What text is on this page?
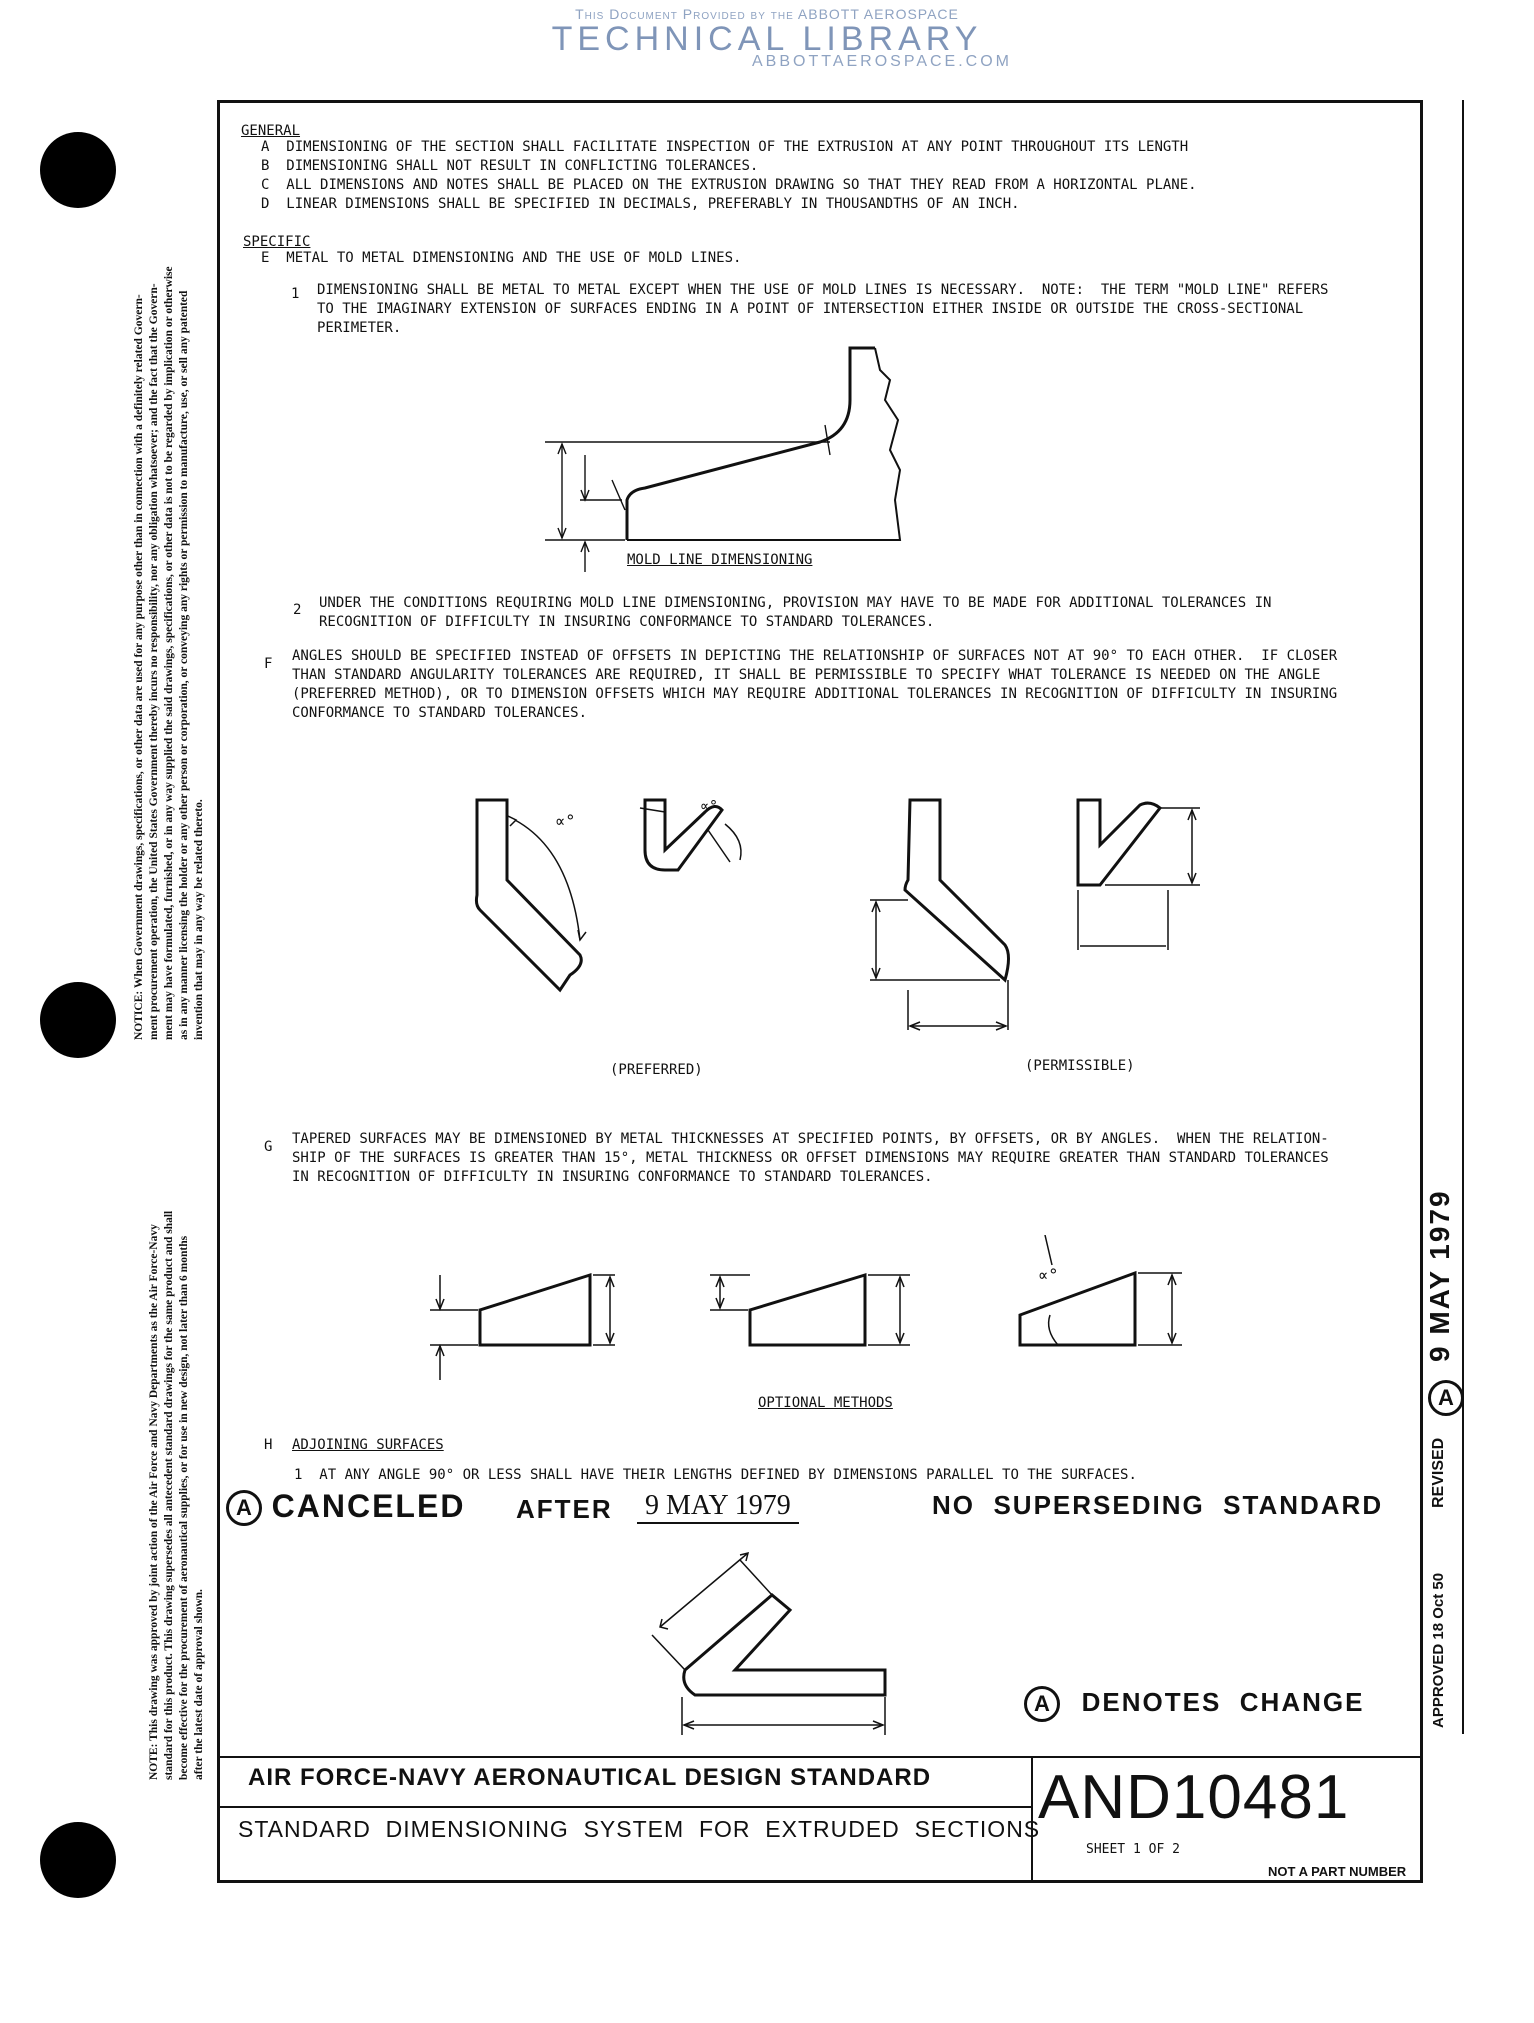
This Document Provided by the ABBOTT AEROSPACE
TECHNICAL LIBRARY
ABBOTTAEROSPACE.COM
NOTICE: When Government drawings, specifications, or other data are used for any purpose other than in connection with a definitely related Govern- ment procurement operation, the United States Government thereby incurs no responsibility, nor any obligation whatsoever; and the fact that the Govern- ment may have formulated, furnished, or in any way supplied the said drawings, specifications, or other data is not to be regarded by implication or otherwise as in any manner licensing the holder or any other person or corporation, or conveying any rights or permission to manufacture, use, or sell any patented invention that may in any way be related thereto.
NOTE: This drawing was approved by joint action of the Air Force and Navy Departments as the Air Force-Navy standard for this product. This drawing supersedes all antecedent standard drawings for the same product and shall become effective for the procurement of aeronautical supplies, or for use in new design, not later than 6 months after the latest date of approval shown.
GENERAL
A DIMENSIONING OF THE SECTION SHALL FACILITATE INSPECTION OF THE EXTRUSION AT ANY POINT THROUGHOUT ITS LENGTH
B DIMENSIONING SHALL NOT RESULT IN CONFLICTING TOLERANCES.
C ALL DIMENSIONS AND NOTES SHALL BE PLACED ON THE EXTRUSION DRAWING SO THAT THEY READ FROM A HORIZONTAL PLANE.
D LINEAR DIMENSIONS SHALL BE SPECIFIED IN DECIMALS, PREFERABLY IN THOUSANDTHS OF AN INCH.
SPECIFIC
E METAL TO METAL DIMENSIONING AND THE USE OF MOLD LINES.
1 DIMENSIONING SHALL BE METAL TO METAL EXCEPT WHEN THE USE OF MOLD LINES IS NECESSARY.  NOTE:  THE TERM "MOLD LINE" REFERS
TO THE IMAGINARY EXTENSION OF SURFACES ENDING IN A POINT OF INTERSECTION EITHER INSIDE OR OUTSIDE THE CROSS-SECTIONAL
PERIMETER.
MOLD LINE DIMENSIONING
2 UNDER THE CONDITIONS REQUIRING MOLD LINE DIMENSIONING, PROVISION MAY HAVE TO BE MADE FOR ADDITIONAL TOLERANCES IN
RECOGNITION OF DIFFICULTY IN INSURING CONFORMANCE TO STANDARD TOLERANCES.
F ANGLES SHOULD BE SPECIFIED INSTEAD OF OFFSETS IN DEPICTING THE RELATIONSHIP OF SURFACES NOT AT 90° TO EACH OTHER.  IF CLOSER
THAN STANDARD ANGULARITY TOLERANCES ARE REQUIRED, IT SHALL BE PERMISSIBLE TO SPECIFY WHAT TOLERANCE IS NEEDED ON THE ANGLE
(PREFERRED METHOD), OR TO DIMENSION OFFSETS WHICH MAY REQUIRE ADDITIONAL TOLERANCES IN RECOGNITION OF DIFFICULTY IN INSURING
CONFORMANCE TO STANDARD TOLERANCES.
∝°
∝°
(PREFERRED)	(PERMISSIBLE)
G TAPERED SURFACES MAY BE DIMENSIONED BY METAL THICKNESSES AT SPECIFIED POINTS, BY OFFSETS, OR BY ANGLES.  WHEN THE RELATION-
SHIP OF THE SURFACES IS GREATER THAN 15°, METAL THICKNESS OR OFFSET DIMENSIONS MAY REQUIRE GREATER THAN STANDARD TOLERANCES
IN RECOGNITION OF DIFFICULTY IN INSURING CONFORMANCE TO STANDARD TOLERANCES.
∝°
OPTIONAL METHODS
H ADJOINING SURFACES
1 AT ANY ANGLE 90° OR LESS SHALL HAVE THEIR LENGTHS DEFINED BY DIMENSIONS PARALLEL TO THE SURFACES.
A CANCELED AFTER 9 MAY 1979	NO  SUPERSEDING  STANDARD
A DENOTES  CHANGE	APPROVED 18 Oct 50
REVISED
A
9 MAY 1979
AIR FORCE-NAVY AERONAUTICAL DESIGN STANDARD
STANDARD  DIMENSIONING  SYSTEM  FOR  EXTRUDED  SECTIONS
AND10481
SHEET 1 OF 2
NOT A PART NUMBER
